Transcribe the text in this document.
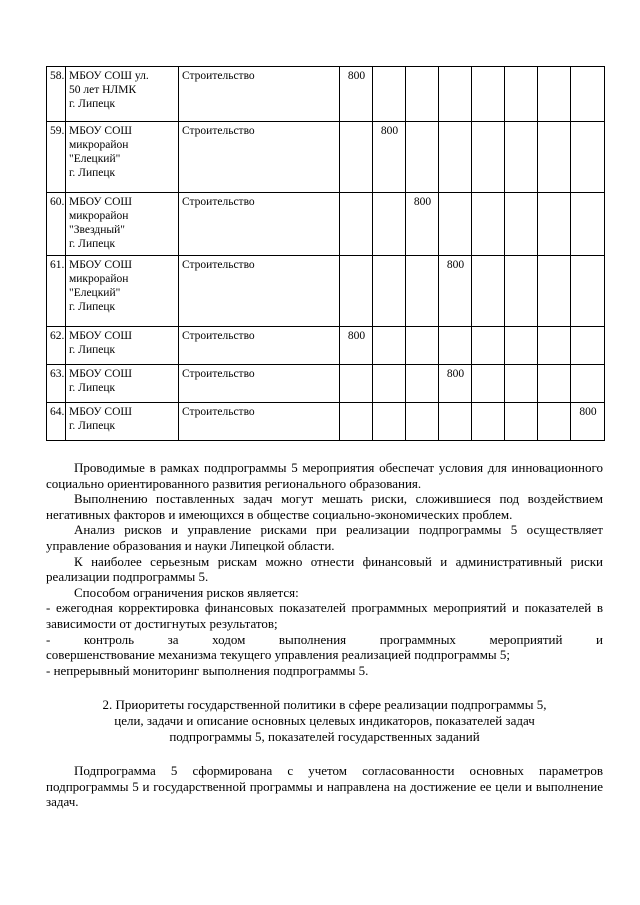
58.	МБОУ СОШ ул.
50 лет НЛМК
г. Липецк	Строительство	800							
59.	МБОУ СОШ
микрорайон
"Елецкий"
г. Липецк	Строительство		800						
60.	МБОУ СОШ
микрорайон
"Звездный"
г. Липецк	Строительство			800					
61.	МБОУ СОШ
микрорайон
"Елецкий"
г. Липецк	Строительство				800				
62.	МБОУ СОШ
г. Липецк	Строительство	800							
63.	МБОУ СОШ
г. Липецк	Строительство				800				
64.	МБОУ СОШ
г. Липецк	Строительство								800

Проводимые в рамках подпрограммы 5 мероприятия обеспечат условия для инновационного социально ориентированного развития регионального образования.

Выполнению поставленных задач могут мешать риски, сложившиеся под воздействием негативных факторов и имеющихся в обществе социально-экономических проблем.

Анализ рисков и управление рисками при реализации подпрограммы 5 осуществляет управление образования и науки Липецкой области.

К наиболее серьезным рискам можно отнести финансовый и административный риски реализации подпрограммы 5.

Способом ограничения рисков является:

- ежегодная корректировка финансовых показателей программных мероприятий и показателей в зависимости от достигнутых результатов;

- контроль за ходом выполнения программных мероприятий и

совершенствование механизма текущего управления реализацией подпрограммы 5;

- непрерывный мониторинг выполнения подпрограммы 5.

2. Приоритеты государственной политики в сфере реализации подпрограммы 5,

цели, задачи и описание основных целевых индикаторов, показателей задач

подпрограммы 5, показателей государственных заданий

Подпрограмма 5 сформирована с учетом согласованности основных параметров подпрограммы 5 и государственной программы и направлена на достижение ее цели и выполнение задач.
